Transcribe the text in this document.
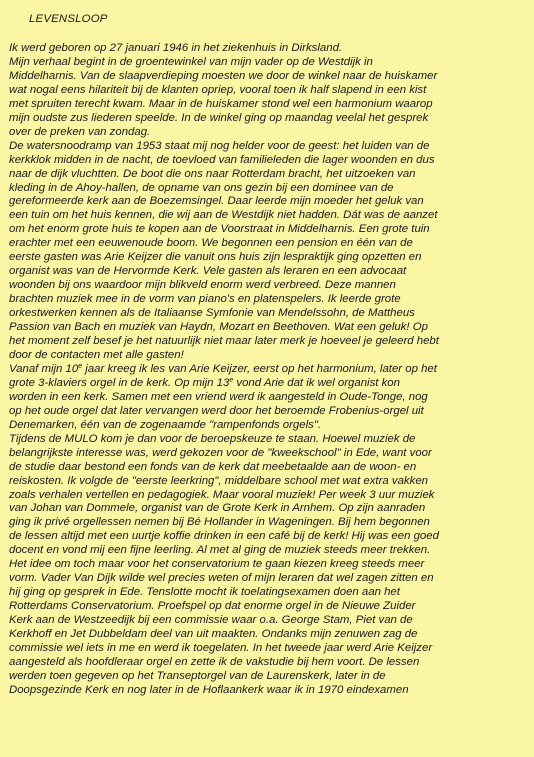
LEVENSLOOP
Ik werd geboren op 27 januari 1946 in het ziekenhuis in Dirksland.
Mijn verhaal begint in de groentewinkel van mijn vader op de Westdijk in
Middelharnis. Van de slaapverdieping moesten we door de winkel naar de huiskamer
wat nogal eens hilariteit bij de klanten opriep, vooral toen ik half slapend in een kist
met spruiten terecht kwam. Maar in de huiskamer stond wel een harmonium waarop
mijn oudste zus liederen speelde. In de winkel ging op maandag veelal het gesprek
over de preken van zondag.
De watersnoodramp van 1953 staat mij nog helder voor de geest: het luiden van de
kerkklok midden in de nacht, de toevloed van familieleden die lager woonden en dus
naar de dijk vluchtten. De boot die ons naar Rotterdam bracht, het uitzoeken van
kleding in de Ahoy-hallen, de opname van ons gezin bij een dominee van de
gereformeerde kerk aan de Boezemsingel. Daar leerde mijn moeder het geluk van
een tuin om het huis kennen, die wij aan de Westdijk niet hadden. Dát was de aanzet
om het enorm grote huis te kopen aan de Voorstraat in Middelharnis. Een grote tuin
erachter met een eeuwenoude boom. We begonnen een pension en één van de
eerste gasten was Arie Keijzer die vanuit ons huis zijn lespraktijk ging opzetten en
organist was van de Hervormde Kerk. Vele gasten als leraren en een advocaat
woonden bij ons waardoor mijn blikveld enorm werd verbreed. Deze mannen
brachten muziek mee in de vorm van piano's en platenspelers. Ik leerde grote
orkestwerken kennen als de Italiaanse Symfonie van Mendelssohn, de Mattheus
Passion van Bach en muziek van Haydn, Mozart en Beethoven. Wat een geluk! Op
het moment zelf besef je het natuurlijk niet maar later merk je hoeveel je geleerd hebt
door de contacten met alle gasten!
Vanaf mijn 10e jaar kreeg ik les van Arie Keijzer, eerst op het harmonium, later op het
grote 3-klaviers orgel in de kerk. Op mijn 13e vond Arie dat ik wel organist kon
worden in een kerk. Samen met een vriend werd ik aangesteld in Oude-Tonge, nog
op het oude orgel dat later vervangen werd door het beroemde Frobenius-orgel uit
Denemarken, één van de zogenaamde "rampenfonds orgels".
Tijdens de MULO kom je dan voor de beroepskeuze te staan. Hoewel muziek de
belangrijkste interesse was, werd gekozen voor de "kweekschool" in Ede, want voor
de studie daar bestond een fonds van de kerk dat meebetaalde aan de woon- en
reiskosten. Ik volgde de "eerste leerkring", middelbare school met wat extra vakken
zoals verhalen vertellen en pedagogiek. Maar vooral muziek! Per week 3 uur muziek
van Johan van Dommele, organist van de Grote Kerk in Arnhem. Op zijn aanraden
ging ik privé orgellessen nemen bij Bé Hollander in Wageningen. Bij hem begonnen
de lessen altijd met een uurtje koffie drinken in een café bij de kerk! Hij was een goed
docent en vond mij een fijne leerling. Al met al ging de muziek steeds meer trekken.
Het idee om toch maar voor het conservatorium te gaan kiezen kreeg steeds meer
vorm. Vader Van Dijk wilde wel precies weten of mijn leraren dat wel zagen zitten en
hij ging op gesprek in Ede. Tenslotte mocht ik toelatingsexamen doen aan het
Rotterdams Conservatorium. Proefspel op dat enorme orgel in de Nieuwe Zuider
Kerk aan de Westzeedijk bij een commissie waar o.a. George Stam, Piet van de
Kerkhoff en Jet Dubbeldam deel van uit maakten. Ondanks mijn zenuwen zag de
commissie wel iets in me en werd ik toegelaten. In het tweede jaar werd Arie Keijzer
aangesteld als hoofdleraar orgel en zette ik de vakstudie bij hem voort. De lessen
werden toen gegeven op het Transeptorgel van de Laurenskerk, later in de
Doopsgezinde Kerk en nog later in de Hoflaankerk waar ik in 1970 eindexamen
